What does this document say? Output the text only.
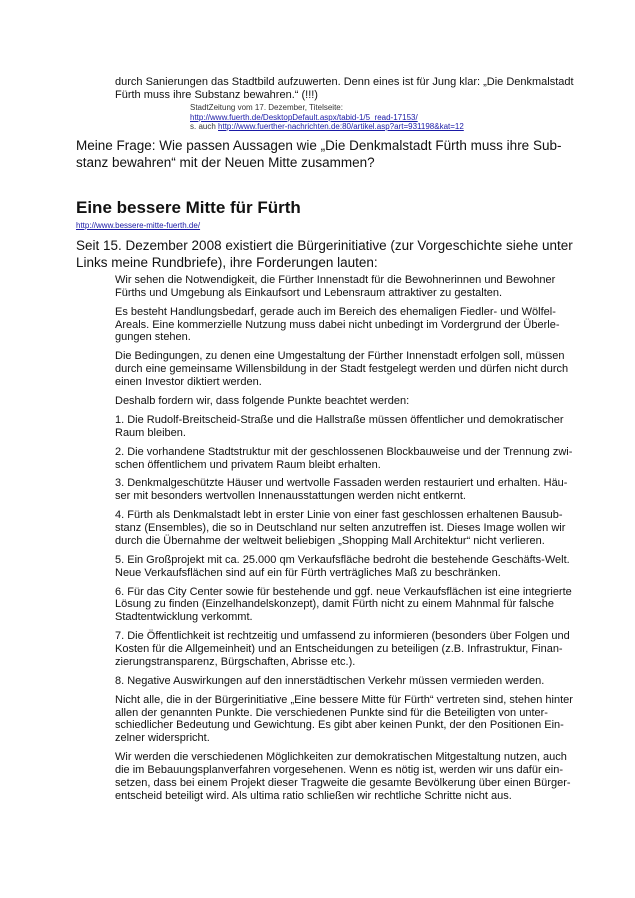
durch Sanierungen das Stadtbild aufzuwerten. Denn eines ist für Jung klar: „Die Denkmalstadt
Fürth muss ihre Substanz bewahren.“ (!!!)
StadtZeitung vom 17. Dezember, Titelseite:
http://www.fuerth.de/DesktopDefault.aspx/tabid-1/5_read-17153/
s. auch http://www.fuerther-nachrichten.de:80/artikel.asp?art=931198&kat=12
Meine Frage: Wie passen Aussagen wie „Die Denkmalstadt Fürth muss ihre Sub-
stanz bewahren“ mit der Neuen Mitte zusammen?
Eine bessere Mitte für Fürth
http://www.bessere-mitte-fuerth.de/
Seit 15. Dezember 2008 existiert die Bürgerinitiative (zur Vorgeschichte siehe unter
Links meine Rundbriefe), ihre Forderungen lauten:

Wir sehen die Notwendigkeit, die Fürther Innenstadt für die Bewohnerinnen und Bewohner
Fürths und Umgebung als Einkaufsort und Lebensraum attraktiver zu gestalten.

Es besteht Handlungsbedarf, gerade auch im Bereich des ehemaligen Fiedler- und Wölfel-
Areals. Eine kommerzielle Nutzung muss dabei nicht unbedingt im Vordergrund der Überle-
gungen stehen.

Die Bedingungen, zu denen eine Umgestaltung der Fürther Innenstadt erfolgen soll, müssen
durch eine gemeinsame Willensbildung in der Stadt festgelegt werden und dürfen nicht durch
einen Investor diktiert werden.

Deshalb fordern wir, dass folgende Punkte beachtet werden:

1. Die Rudolf-Breitscheid-Straße und die Hallstraße müssen öffentlicher und demokratischer
Raum bleiben.

2. Die vorhandene Stadtstruktur mit der geschlossenen Blockbauweise und der Trennung zwi-
schen öffentlichem und privatem Raum bleibt erhalten.

3. Denkmalgeschützte Häuser und wertvolle Fassaden werden restauriert und erhalten. Häu-
ser mit besonders wertvollen Innenausstattungen werden nicht entkernt.

4. Fürth als Denkmalstadt lebt in erster Linie von einer fast geschlossen erhaltenen Bausub-
stanz (Ensembles), die so in Deutschland nur selten anzutreffen ist. Dieses Image wollen wir
durch die Übernahme der weltweit beliebigen „Shopping Mall Architektur“ nicht verlieren.

5. Ein Großprojekt mit ca. 25.000 qm Verkaufsfläche bedroht die bestehende Geschäfts-Welt.
Neue Verkaufsflächen sind auf ein für Fürth verträgliches Maß zu beschränken.

6. Für das City Center sowie für bestehende und ggf. neue Verkaufsflächen ist eine integrierte
Lösung zu finden (Einzelhandelskonzept), damit Fürth nicht zu einem Mahnmal für falsche
Stadtentwicklung verkommt.

7. Die Öffentlichkeit ist rechtzeitig und umfassend zu informieren (besonders über Folgen und
Kosten für die Allgemeinheit) und an Entscheidungen zu beteiligen (z.B. Infrastruktur, Finan-
zierungstransparenz, Bürgschaften, Abrisse etc.).

8. Negative Auswirkungen auf den innerstädtischen Verkehr müssen vermieden werden.

Nicht alle, die in der Bürgerinitiative „Eine bessere Mitte für Fürth“ vertreten sind, stehen hinter
allen der genannten Punkte. Die verschiedenen Punkte sind für die Beteiligten von unter-
schiedlicher Bedeutung und Gewichtung. Es gibt aber keinen Punkt, der den Positionen Ein-
zelner widerspricht.

Wir werden die verschiedenen Möglichkeiten zur demokratischen Mitgestaltung nutzen, auch
die im Bebauungsplanverfahren vorgesehenen. Wenn es nötig ist, werden wir uns dafür ein-
setzen, dass bei einem Projekt dieser Tragweite die gesamte Bevölkerung über einen Bürger-
entscheid beteiligt wird. Als ultima ratio schließen wir rechtliche Schritte nicht aus.
